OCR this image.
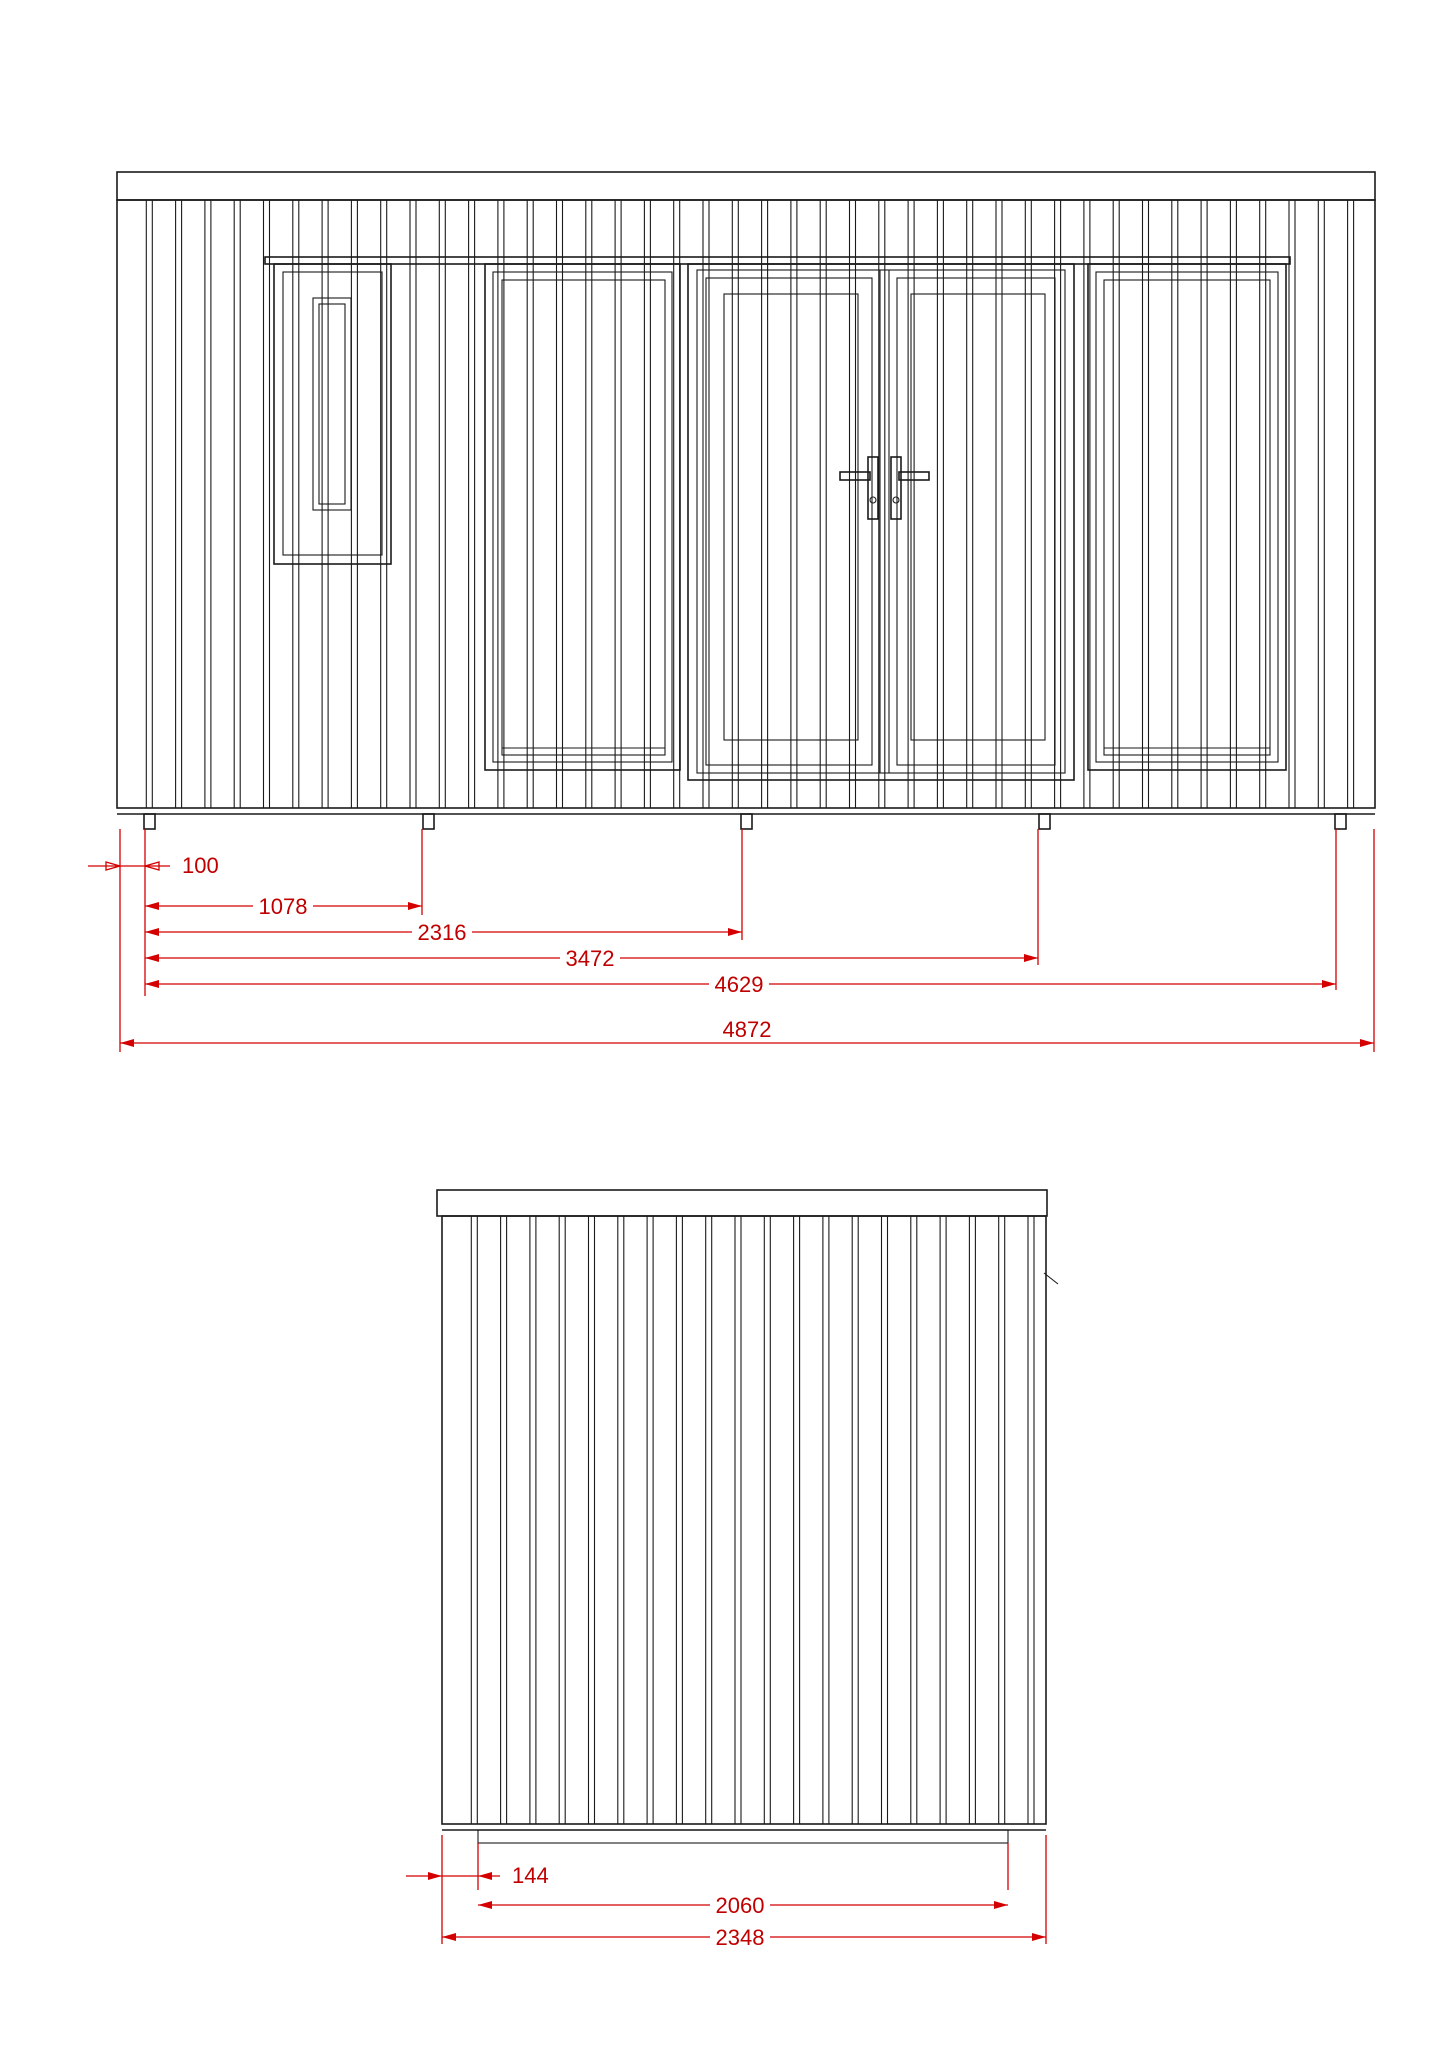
100
1078
2316
3472
4629
4872
144
2060
2348
